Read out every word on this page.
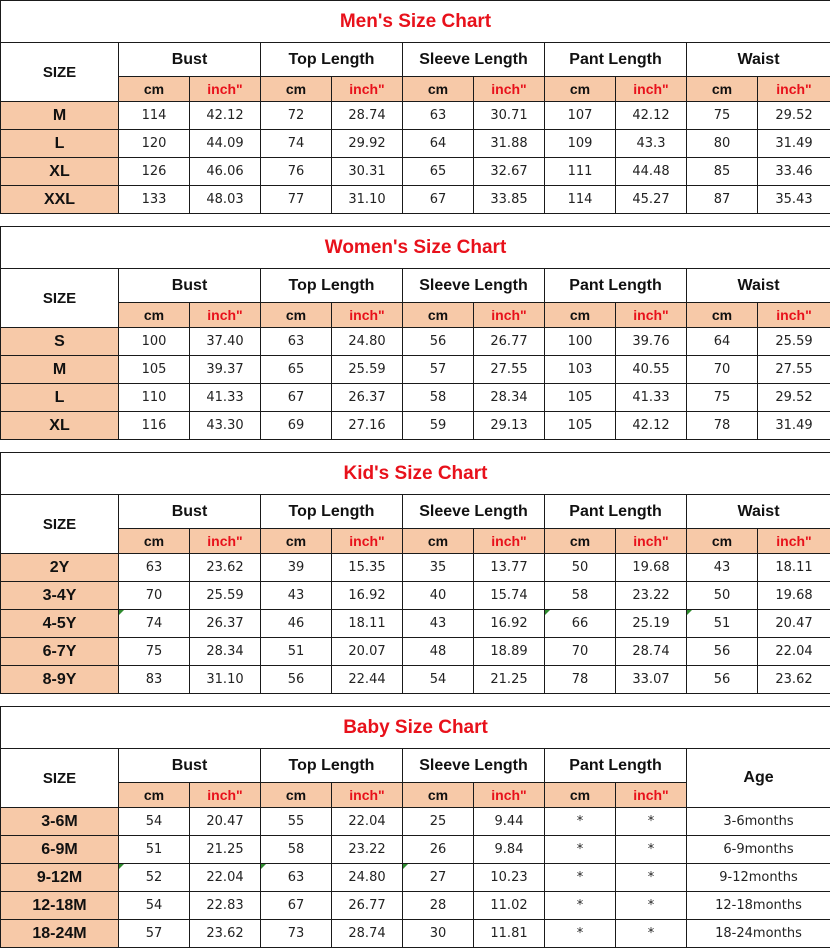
Men's Size Chart										
SIZE	Bust		Top Length		Sleeve Length		Pant Length		Waist	
	cm	inch"	cm	inch"	cm	inch"	cm	inch"	cm	inch"
M	114	42.12	72	28.74	63	30.71	107	42.12	75	29.52
L	120	44.09	74	29.92	64	31.88	109	43.3	80	31.49
XL	126	46.06	76	30.31	65	32.67	111	44.48	85	33.46
XXL	133	48.03	77	31.10	67	33.85	114	45.27	87	35.43
Women's Size Chart										
SIZE	Bust		Top Length		Sleeve Length		Pant Length		Waist	
	cm	inch"	cm	inch"	cm	inch"	cm	inch"	cm	inch"
S	100	37.40	63	24.80	56	26.77	100	39.76	64	25.59
M	105	39.37	65	25.59	57	27.55	103	40.55	70	27.55
L	110	41.33	67	26.37	58	28.34	105	41.33	75	29.52
XL	116	43.30	69	27.16	59	29.13	105	42.12	78	31.49
Kid's Size Chart										
SIZE	Bust		Top Length		Sleeve Length		Pant Length		Waist	
	cm	inch"	cm	inch"	cm	inch"	cm	inch"	cm	inch"
2Y	63	23.62	39	15.35	35	13.77	50	19.68	43	18.11
3-4Y	70	25.59	43	16.92	40	15.74	58	23.22	50	19.68
4-5Y	74	26.37	46	18.11	43	16.92	66	25.19	51	20.47
6-7Y	75	28.34	51	20.07	48	18.89	70	28.74	56	22.04
8-9Y	83	31.10	56	22.44	54	21.25	78	33.07	56	23.62
Baby Size Chart									
SIZE	Bust		Top Length		Sleeve Length		Pant Length		Age
	cm	inch"	cm	inch"	cm	inch"	cm	inch"	
3-6M	54	20.47	55	22.04	25	9.44	*	*	3-6months
6-9M	51	21.25	58	23.22	26	9.84	*	*	6-9months
9-12M	52	22.04	63	24.80	27	10.23	*	*	9-12months
12-18M	54	22.83	67	26.77	28	11.02	*	*	12-18months
18-24M	57	23.62	73	28.74	30	11.81	*	*	18-24months
